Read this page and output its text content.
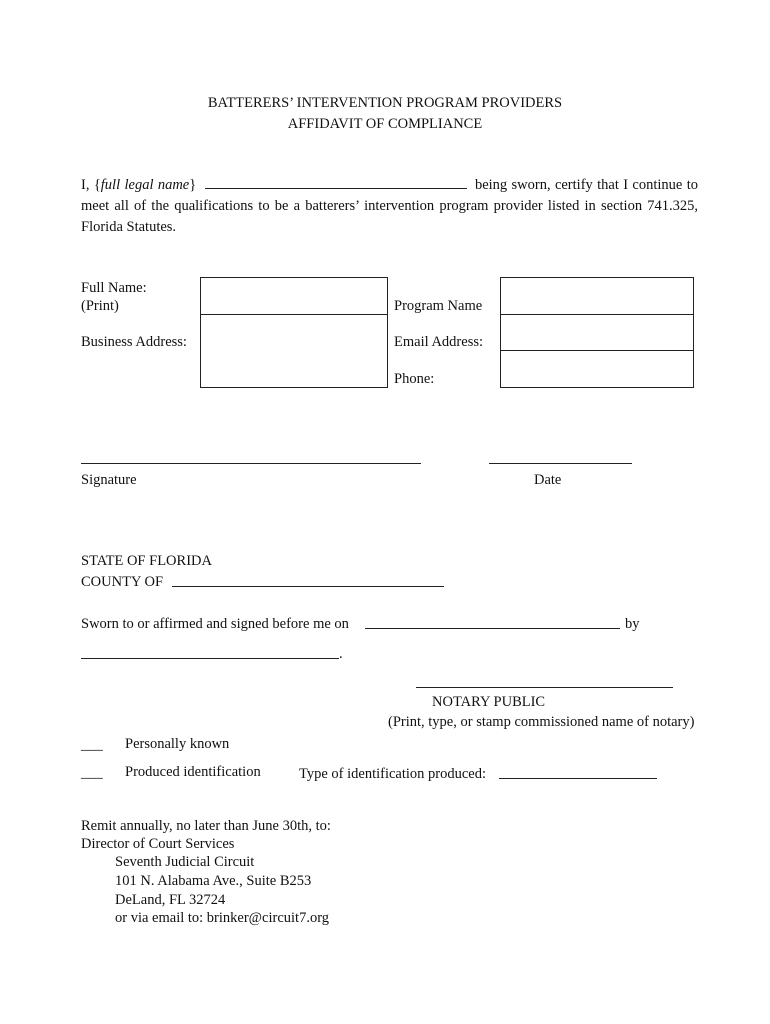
BATTERERS’ INTERVENTION PROGRAM PROVIDERS
AFFIDAVIT OF COMPLIANCE
I, {full legal name}	being sworn, certify that I continue to meet all of the qualifications to be a batterers’ intervention program provider listed in section 741.325, Florida Statutes.
Full Name:
(Print)
Business Address:
Program Name
Email Address:
Phone:
Signature	Date
STATE OF FLORIDA
COUNTY OF
Sworn to or affirmed and signed before me on	by
.
NOTARY PUBLIC
(Print, type, or stamp commissioned name of notary)
___ Personally known
___ Produced identification	Type of identification produced:
Remit annually, no later than June 30th, to:
Director of Court Services
Seventh Judicial Circuit
101 N. Alabama Ave., Suite B253
DeLand, FL 32724
or via email to: brinker@circuit7.org
